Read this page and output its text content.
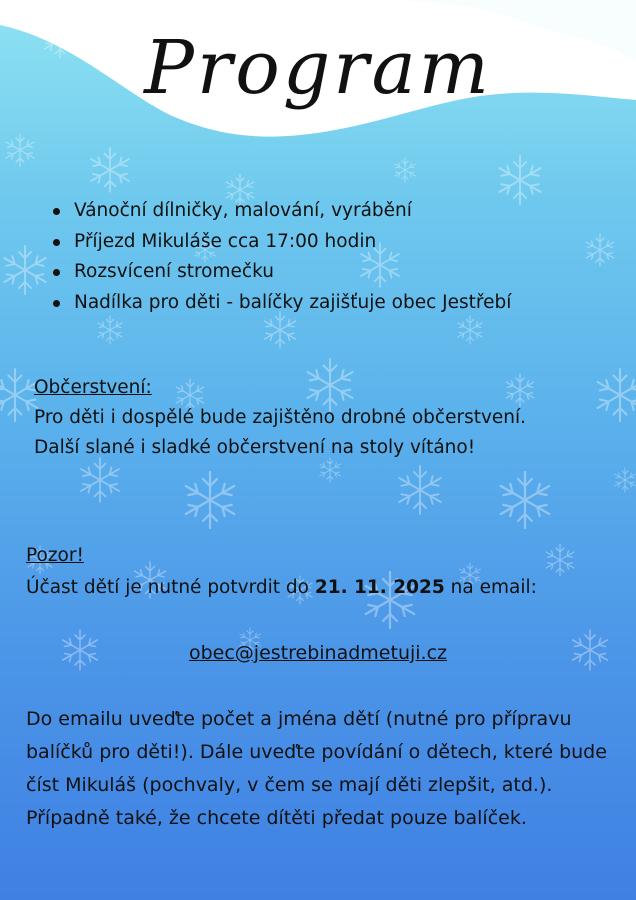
Program
Vánoční dílničky, malování, vyrábění
Příjezd Mikuláše cca 17:00 hodin
Rozsvícení stromečku
Nadílka pro děti - balíčky zajišťuje obec Jestřebí
Občerstvení:
Pro děti i dospělé bude zajištěno drobné občerstvení.
Další slané i sladké občerstvení na stoly vítáno!
Pozor!
Účast dětí je nutné potvrdit do 21. 11. 2025 na email:
obec@jestrebinadmetuji.cz
Do emailu uveďte počet a jména dětí (nutné pro přípravu balíčků pro děti!). Dále uveďte povídání o dětech, které bude číst Mikuláš (pochvaly, v čem se mají děti zlepšit, atd.). Případně také, že chcete dítěti předat pouze balíček.
